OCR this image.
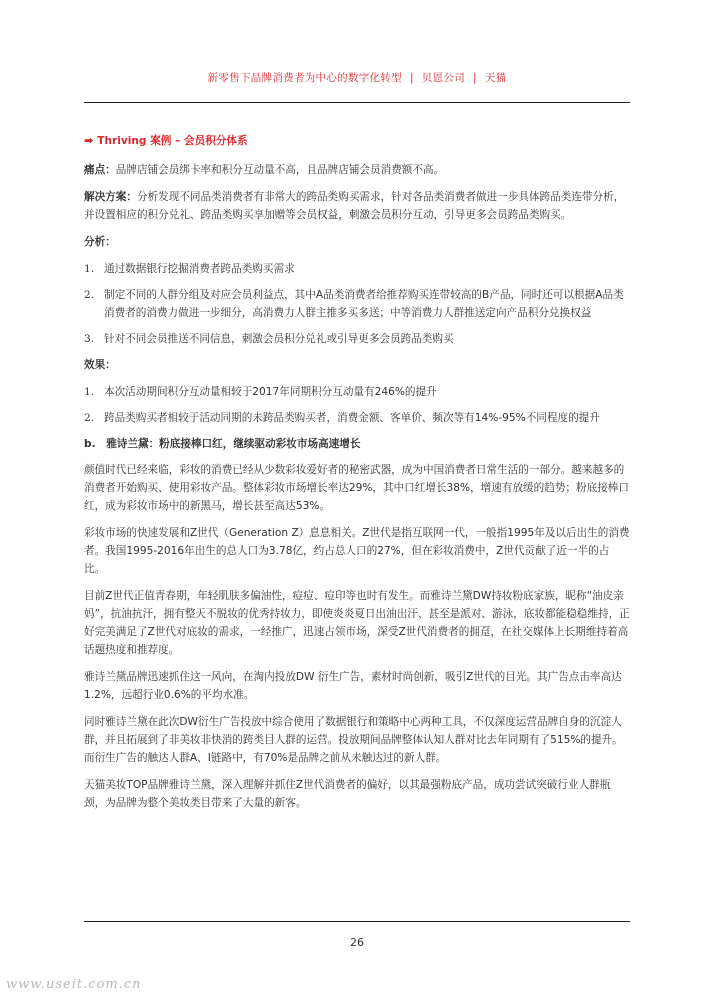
新零售下品牌消费者为中心的数字化转型 | 贝恩公司 | 天猫

➡ Thriving 案例 – 会员积分体系

痛点：品牌店铺会员绑卡率和积分互动量不高，且品牌店铺会员消费额不高。

解决方案：分析发现不同品类消费者有非常大的跨品类购买需求，针对各品类消费者做进一步具体跨品类连带分析，并设置相应的积分兑礼、跨品类购买享加赠等会员权益，刺激会员积分互动，引导更多会员跨品类购买。

分析：

1. 通过数据银行挖掘消费者跨品类购买需求

2. 制定不同的人群分组及对应会员利益点，其中A品类消费者给推荐购买连带较高的B产品，同时还可以根据A品类消费者的消费力做进一步细分，高消费力人群主推多买多送；中等消费力人群推送定向产品积分兑换权益

3. 针对不同会员推送不同信息，刺激会员积分兑礼或引导更多会员跨品类购买

效果：

1. 本次活动期间积分互动量相较于2017年同期积分互动量有246%的提升

2. 跨品类购买者相较于活动同期的未跨品类购买者，消费金额、客单价、频次等有14%-95%不同程度的提升

b.　雅诗兰黛：粉底接棒口红，继续驱动彩妆市场高速增长

颜值时代已经来临，彩妆的消费已经从少数彩妆爱好者的秘密武器，成为中国消费者日常生活的一部分。越来越多的消费者开始购买、使用彩妆产品。整体彩妆市场增长率达29%，其中口红增长38%，增速有放缓的趋势；粉底接棒口红，成为彩妆市场中的新黑马，增长甚至高达53%。

彩妆市场的快速发展和Z世代（Generation Z）息息相关。Z世代是指互联网一代，一般指1995年及以后出生的消费者。我国1995-2016年出生的总人口为3.78亿，约占总人口的27%，但在彩妆消费中，Z世代贡献了近一半的占比。

目前Z世代正值青春期，年轻肌肤多偏油性，痘痘、痘印等也时有发生。而雅诗兰黛DW持妆粉底家族，昵称“油皮亲妈”，抗油抗汗，拥有整天不脱妆的优秀持妆力，即使炎炎夏日出油出汗、甚至是派对、游泳，底妆都能稳稳维持，正好完美满足了Z世代对底妆的需求，一经推广，迅速占领市场，深受Z世代消费者的拥趸，在社交媒体上长期维持着高话题热度和推荐度。

雅诗兰黛品牌迅速抓住这一风向，在淘内投放DW 衍生广告，素材时尚创新，吸引Z世代的目光。其广告点击率高达1.2%，远超行业0.6%的平均水准。

同时雅诗兰黛在此次DW衍生广告投放中综合使用了数据银行和策略中心两种工具，不仅深度运营品牌自身的沉淀人群，并且拓展到了非美妆非快消的跨类目人群的运营。投放期间品牌整体认知人群对比去年同期有了515%的提升。而衍生广告的触达人群A、I链路中，有70%是品牌之前从未触达过的新人群。

天猫美妆TOP品牌雅诗兰黛，深入理解并抓住Z世代消费者的偏好，以其最强粉底产品，成功尝试突破行业人群瓶颈，为品牌为整个美妆类目带来了大量的新客。

26
www.useit.com.cn
